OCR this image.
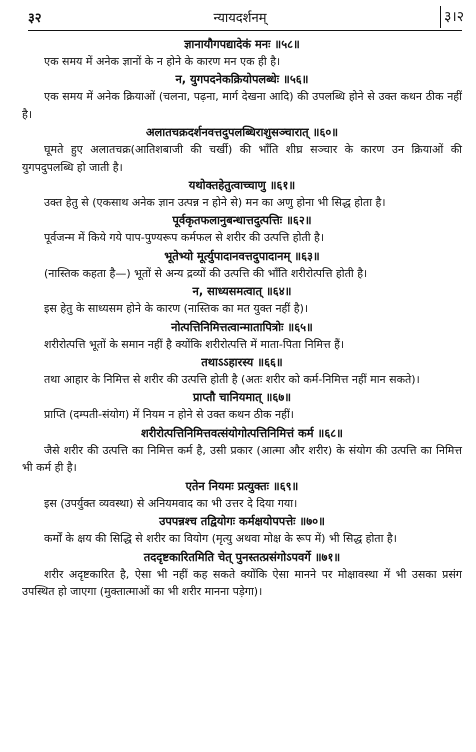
३२	न्यायदर्शनम्	३।२
ज्ञानायौगपद्यादेकं मनः ॥५८॥

एक समय में अनेक ज्ञानों के न होने के कारण मन एक ही है।

न, युगपदनेकक्रियोपलब्धेः ॥५६॥

एक समय में अनेक क्रियाओं (चलना, पढ़ना, मार्ग देखना आदि) की उपलब्धि होने से उक्त कथन ठीक नहीं है।

अलातचक्रदर्शनवत्तदुपलब्धिराशुसञ्चारात् ॥६०॥

घूमते हुए अलातचक्र(आतिशबाजी की चर्खी) की भाँति शीघ्र सञ्चार के कारण उन क्रियाओं की युगपदुपलब्धि हो जाती है।

यथोक्तहेतुत्वाच्चाणु ॥६१॥

उक्त हेतु से (एकसाथ अनेक ज्ञान उत्पन्न न होने से) मन का अणु होना भी सिद्ध होता है।

पूर्वकृतफलानुबन्धात्तदुत्पत्तिः ॥६२॥

पूर्वजन्म में किये गये पाप-पुण्यरूप कर्मफल से शरीर की उत्पत्ति होती है।

भूतेभ्यो मूर्त्युपादानवत्तदुपादानम् ॥६३॥

(नास्तिक कहता है—) भूतों से अन्य द्रव्यों की उत्पत्ति की भाँति शरीरोत्पत्ति होती है।

न, साध्यसमत्वात् ॥६४॥

इस हेतु के साध्यसम होने के कारण (नास्तिक का मत युक्त नहीं है)।

नोत्पत्तिनिमित्तत्वान्मातापित्रोः ॥६५॥

शरीरोत्पत्ति भूतों के समान नहीं है क्योंकि शरीरोत्पत्ति में माता-पिता निमित्त हैं।

तथाऽऽहारस्य ॥६६॥

तथा आहार के निमित्त से शरीर की उत्पत्ति होती है (अतः शरीर को कर्म-निमित्त नहीं मान सकते)।

प्राप्तौ चानियमात् ॥६७॥

प्राप्ति (दम्पती-संयोग) में नियम न होने से उक्त कथन ठीक नहीं।

शरीरोत्पत्तिनिमित्तवत्संयोगोत्पत्तिनिमित्तं कर्म ॥६८॥

जैसे शरीर की उत्पत्ति का निमित्त कर्म है, उसी प्रकार (आत्मा और शरीर) के संयोग की उत्पत्ति का निमित्त भी कर्म ही है।

एतेन नियमः प्रत्युक्तः ॥६९॥

इस (उपर्युक्त व्यवस्था) से अनियमवाद का भी उत्तर दे दिया गया।

उपपन्नश्च तद्वियोगः कर्मक्षयोपपत्तेः ॥७०॥

कर्मों के क्षय की सिद्धि से शरीर का वियोग (मृत्यु अथवा मोक्ष के रूप में) भी सिद्ध होता है।

तददृष्टकारितमिति चेत् पुनस्तत्प्रसंगोऽपवर्गे ॥७१॥

शरीर अदृष्टकारित है, ऐसा भी नहीं कह सकते क्योंकि ऐसा मानने पर मोक्षावस्था में भी उसका प्रसंग उपस्थित हो जाएगा (मुक्तात्माओं का भी शरीर मानना पड़ेगा)।
